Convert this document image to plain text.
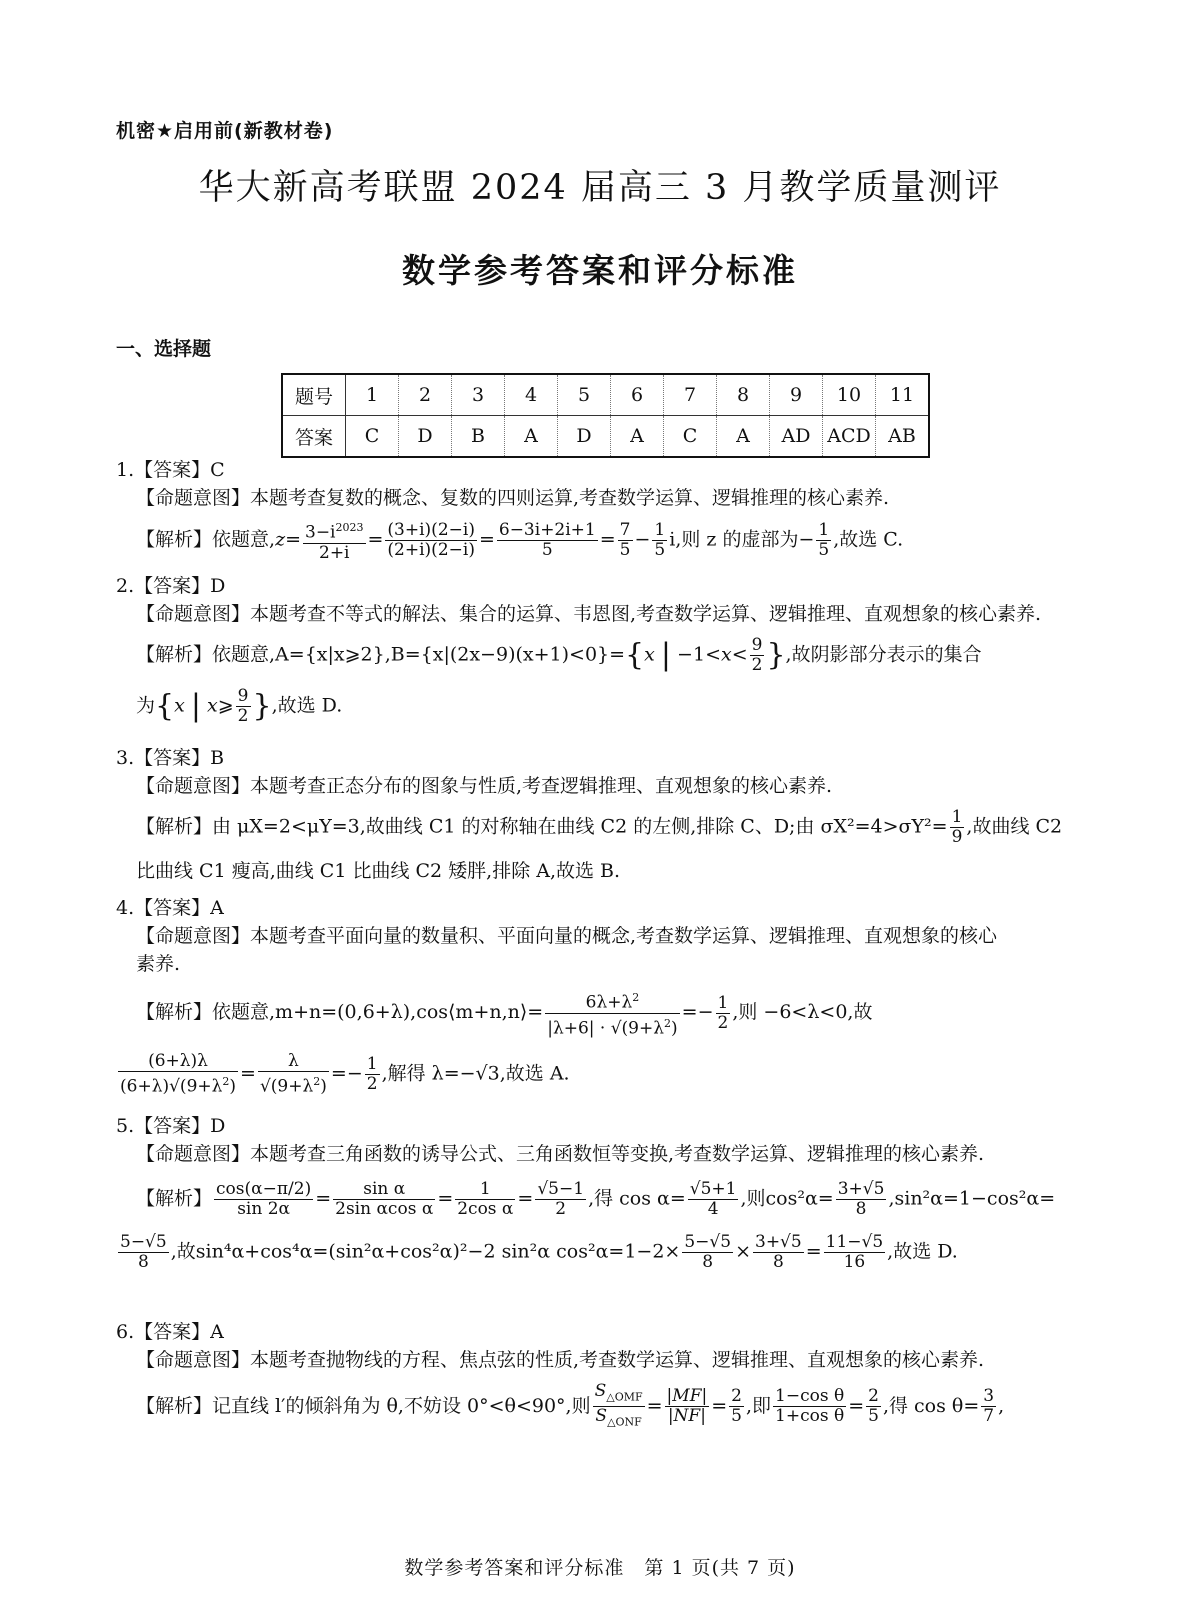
机密★启用前(新教材卷)
华大新高考联盟 2024 届高三 3 月教学质量测评
数学参考答案和评分标准
一、选择题
题号	1	2	3	4	5	6	7	8	9	10	11
答案	C	D	B	A	D	A	C	A	AD	ACD	AB

1.【答案】C

【命题意图】本题考查复数的概念、复数的四则运算,考查数学运算、逻辑推理的核心素养.

【解析】依题意$,z= \frac{3-i^{2023}}{2+i} = \frac{(3+i)(2-i)}{(2+i)(2-i)} = \frac{6-3i+2i+1}{5} = \frac{7}{5} - \frac{1}{5} i$,则 z 的虚部为− $\frac{1}{5}$ ,故选 C.

2.【答案】D

【命题意图】本题考查不等式的解法、集合的运算、韦恩图,考查数学运算、逻辑推理、直观想象的核心素养.

【解析】依题意,A={x|x⩾2},B={x|(2x−9)(x+1)<0}={x | $-1<x< \frac{9}{2}$ },故阴影部分表示的集合

为{x | x⩾ $\frac{9}{2}$ },故选 D.

3.【答案】B

【命题意图】本题考查正态分布的图象与性质,考查逻辑推理、直观想象的核心素养.

【解析】由 μX=2<μY=3,故曲线 C1 的对称轴在曲线 C2 的左侧,排除 C、D;由 $\sigma X^2=4>\sigma Y^2= \frac{1}{9}$ ,故曲线 C2

比曲线 C1 瘦高,曲线 C1 比曲线 C2 矮胖,排除 A,故选 B.

4.【答案】A

【命题意图】本题考查平面向量的数量积、平面向量的概念,考查数学运算、逻辑推理、直观想象的核心

素养.

【解析】依题意,m+n=(0,6+λ),cos⟨m+n,n⟩= $\frac{6\lambda+\lambda^2}{|\lambda+6| \cdot √(9+\lambda^2)} =- \frac{1}{2}$ ,则 −6<λ<0,故

$\frac{(6+\lambda)\lambda}{(6+\lambda)√(9+\lambda^2)} = \frac{\lambda}{√(9+\lambda^2)} =- \frac{1}{2}$ ,解得 λ=−√3,故选 A.

5.【答案】D

【命题意图】本题考查三角函数的诱导公式、三角函数恒等变换,考查数学运算、逻辑推理的核心素养.

【解析】 $\frac{\cos(\alpha-\pi/2)}{\sin 2\alpha} = \frac{\text{sin α}}{\text{2sin αcos α}} = \frac{1}{\text{2cos α}} = \frac{√5-1}{2}$ ,得 $\cos \alpha= \frac{√5+1}{4}$ ,则$\cos^2\alpha= \frac{3+√5}{8} ,\sin^2\alpha=1-\cos^2\alpha=$

$\frac{5-√5}{8}$ ,故sin⁴α+cos⁴α=(sin²α+cos²α)²−2 sin²α $\cos^2\alpha=1-2\times \frac{5-√5}{8} \times \frac{3+√5}{8} = \frac{11-√5}{16}$ ,故选 D.

6.【答案】A

【命题意图】本题考查抛物线的方程、焦点弦的性质,考查数学运算、逻辑推理、直观想象的核心素养.

【解析】记直线 l′的倾斜角为 θ,不妨设 0°<θ<90°,则 $\frac{S_{\triangle OMF}}{S_{\triangle ONF}} = \frac{|MF|}{|NF|} = \frac{2}{5}$ ,即 $\frac{\text{1−cos θ}}{\text{1+cos θ}} = \frac{2}{5}$ ,得 $\cos \theta= \frac{3}{7}$ ,

数学参考答案和评分标准　第 1 页(共 7 页)
